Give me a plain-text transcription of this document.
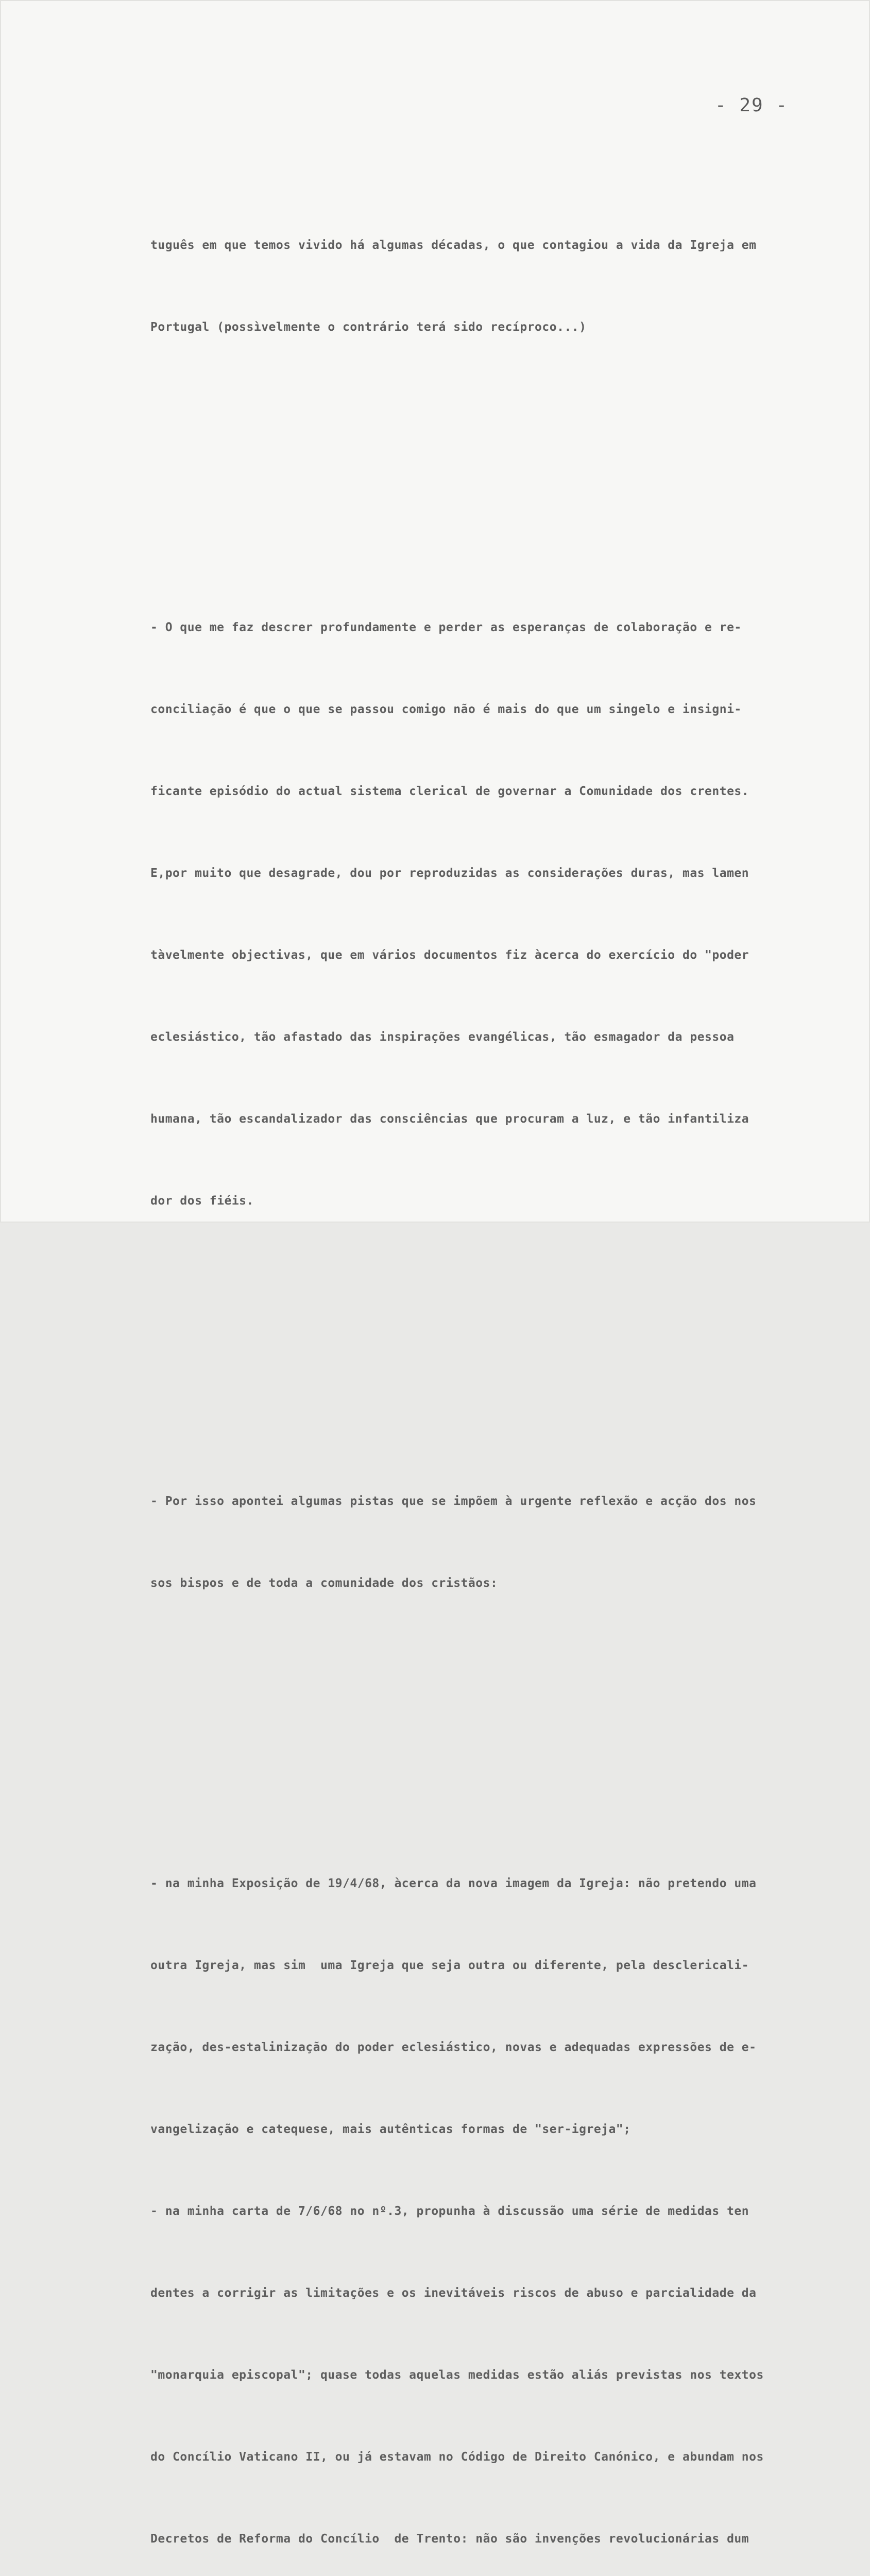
- 29 -

tuguês em que temos vivido há algumas décadas, o que contagiou a vida da Igreja em

Portugal (possìvelmente o contrário terá sido recíproco...)

- O que me faz descrer profundamente e perder as esperanças de colaboração e re-

conciliação é que o que se passou comigo não é mais do que um singelo e insigni-

ficante episódio do actual sistema clerical de governar a Comunidade dos crentes.

E,por muito que desagrade, dou por reproduzidas as considerações duras, mas lamen

tàvelmente objectivas, que em vários documentos fiz àcerca do exercício do "poder

eclesiástico, tão afastado das inspirações evangélicas, tão esmagador da pessoa

humana, tão escandalizador das consciências que procuram a luz, e tão infantiliza

dor dos fiéis.

- Por isso apontei algumas pistas que se impõem à urgente reflexão e acção dos nos

sos bispos e de toda a comunidade dos cristãos:

- na minha Exposição de 19/4/68, àcerca da nova imagem da Igreja: não pretendo uma

outra Igreja, mas sim  uma Igreja que seja outra ou diferente, pela desclericali-

zação, des-estalinização do poder eclesiástico, novas e adequadas expressões de e-

vangelização e catequese, mais autênticas formas de "ser-igreja";

- na minha carta de 7/6/68 no nº.3, propunha à discussão uma série de medidas ten

dentes a corrigir as limitações e os inevitáveis riscos de abuso e parcialidade da

"monarquia episcopal"; quase todas aquelas medidas estão aliás previstas nos textos

do Concílio Vaticano II, ou já estavam no Código de Direito Canónico, e abundam nos

Decretos de Reforma do Concílio  de Trento: não são invenções revolucionárias dum
